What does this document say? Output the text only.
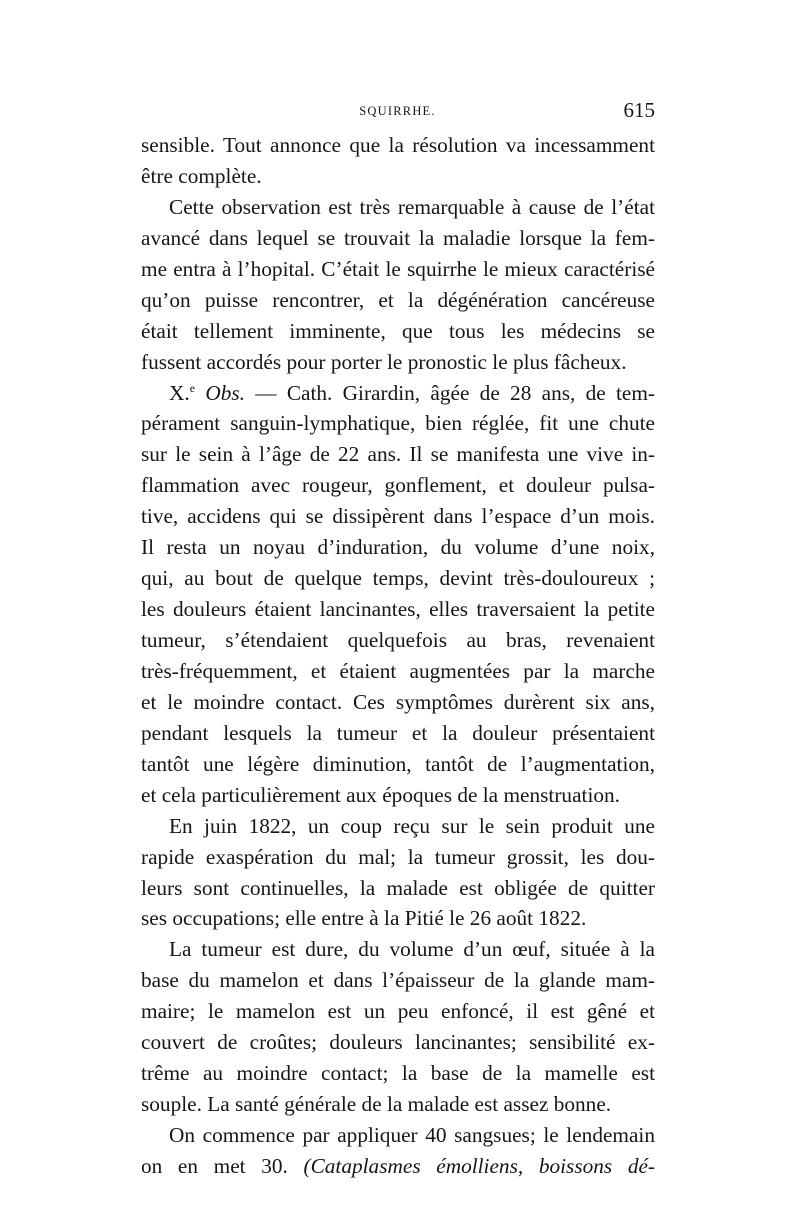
SQUIRRHE.	615
sensible. Tout annonce que la résolution va incessamment
être complète.
Cette observation est très remarquable à cause de l’état
avancé dans lequel se trouvait la maladie lorsque la fem-
me entra à l’hopital. C’était le squirrhe le mieux caractérisé
qu’on puisse rencontrer, et la dégénération cancéreuse
était tellement imminente, que tous les médecins se
fussent accordés pour porter le pronostic le plus fâcheux.
X.$^e$ Obs. — Cath. Girardin, âgée de 28 ans, de tem-
pérament sanguin-lymphatique, bien réglée, fit une chute
sur le sein à l’âge de 22 ans. Il se manifesta une vive in-
flammation avec rougeur, gonflement, et douleur pulsa-
tive, accidens qui se dissipèrent dans l’espace d’un mois.
Il resta un noyau d’induration, du volume d’une noix,
qui, au bout de quelque temps, devint très-douloureux ;
les douleurs étaient lancinantes, elles traversaient la petite
tumeur, s’étendaient quelquefois au bras, revenaient
très-fréquemment, et étaient augmentées par la marche
et le moindre contact. Ces symptômes durèrent six ans,
pendant lesquels la tumeur et la douleur présentaient
tantôt une légère diminution, tantôt de l’augmentation,
et cela particulièrement aux époques de la menstruation.
En juin 1822, un coup reçu sur le sein produit une
rapide exaspération du mal; la tumeur grossit, les dou-
leurs sont continuelles, la malade est obligée de quitter
ses occupations; elle entre à la Pitié le 26 août 1822.
La tumeur est dure, du volume d’un œuf, située à la
base du mamelon et dans l’épaisseur de la glande mam-
maire; le mamelon est un peu enfoncé, il est gêné et
couvert de croûtes; douleurs lancinantes; sensibilité ex-
trême au moindre contact; la base de la mamelle est
souple. La santé générale de la malade est assez bonne.
On commence par appliquer 40 sangsues; le lendemain
on en met 30. (Cataplasmes émolliens, boissons dé-
